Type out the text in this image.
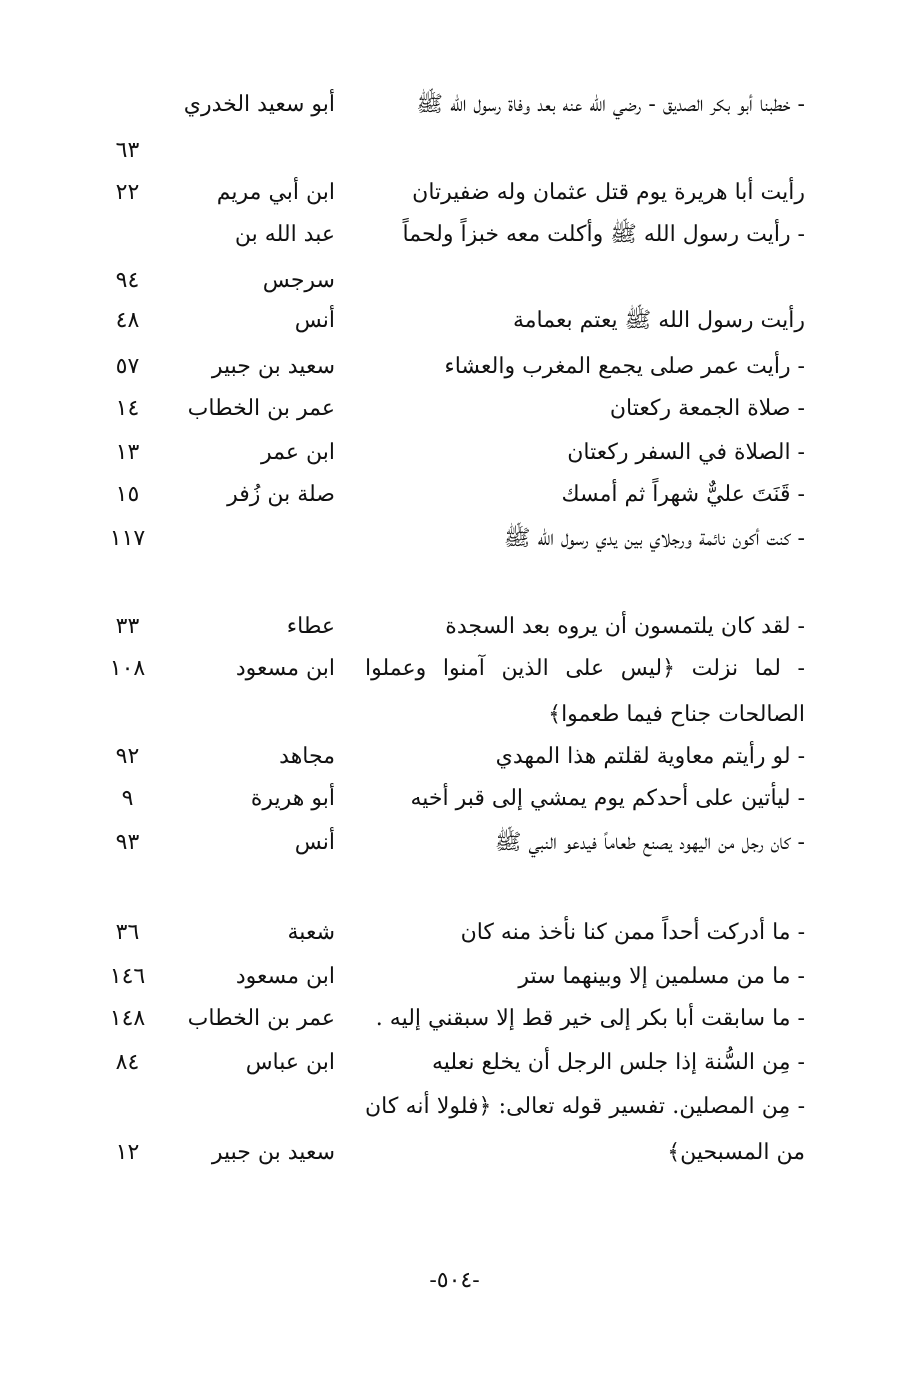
- خطبنا أبو بكر الصديق - رضي الله عنه بعد وفاة رسول الله ﷺ
أبو سعيد الخدري
٦٣
رأيت أبا هريرة يوم قتل عثمان وله ضفيرتان
ابن أبي مريم
٢٢
- رأيت رسول الله ﷺ وأكلت معه خبزاً ولحماً
عبد الله بن سرجس
٩٤
رأيت رسول الله ﷺ يعتم بعمامة
أنس
٤٨
- رأيت عمر صلى يجمع المغرب والعشاء
سعيد بن جبير
٥٧
- صلاة الجمعة ركعتان
عمر بن الخطاب
١٤
- الصلاة في السفر ركعتان
ابن عمر
١٣
- قَنَتَ عليٌّ شهراً ثم أمسك
صلة بن زُفر
١٥
- كنت أكون نائمة ورجلاي بين يدي رسول الله ﷺ
١١٧
- لقد كان يلتمسون أن يروه بعد السجدة
عطاء
٣٣
- لما نزلت ﴿ليس على الذين آمنوا وعملوا الصالحات جناح فيما طعموا﴾
ابن مسعود
١٠٨
- لو رأيتم معاوية لقلتم هذا المهدي
مجاهد
٩٢
- ليأتين على أحدكم يوم يمشي إلى قبر أخيه
أبو هريرة
٩
- كان رجل من اليهود يصنع طعاماً فيدعو النبي ﷺ
أنس
٩٣
- ما أدركت أحداً ممن كنا نأخذ منه كان
شعبة
٣٦
- ما من مسلمين إلا وبينهما ستر
ابن مسعود
١٤٦
- ما سابقت أبا بكر إلى خير قط إلا سبقني إليه .
عمر بن الخطاب
١٤٨
- مِن السُّنة إذا جلس الرجل أن يخلع نعليه
ابن عباس
٨٤
- مِن المصلين. تفسير قوله تعالى: ﴿فلولا أنه كان من المسبحين﴾
سعيد بن جبير
١٢
-٥٠٤-
